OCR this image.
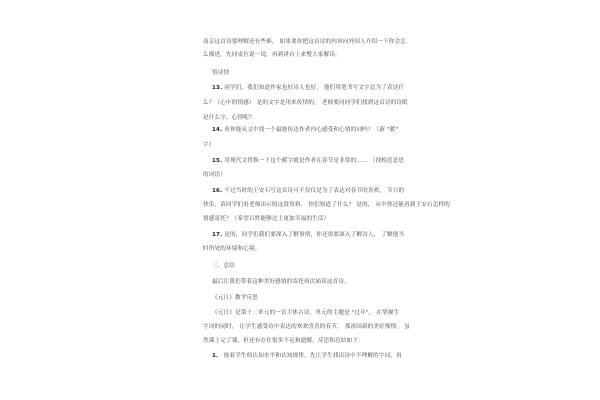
南京这首诗要理解还有些难， 如果要你把这首诗的内容向外国人介绍一下你会怎
么描述。先同桌位说一说，再到讲台上来整大家解读。
悟诗情
13. 同学们，我们知道作家也好诗人也好， 他们用笔书写文字总为了表达什
么？（心中的情感） 是的文字是用来传情的， 老师要同同学们找到这首诗的诗眼
是什么字，心情呢？
14. 看你能从文中找一个最能传达作者内心感受和心情的词吗？（新 "暖"
字）
15. 用现代文替换一下这个暖字就是作者在春节是非常的…… （找相近意思
的词语）
16. 不过当时的王安石写这首诗可不仅仅是为了表达对春节的喜欢， 节日的
快乐，请同学们看老师出示的这段资料， 你们知道了什么？ 是的， 从中你还能看到王安石怎样的
情感寄托？（希望百姓能够过上更加幸福的生活）
17. 是的，同学们我们要深入了解事情，你还需要深入了解诗人， 了解他当
时所处的环境和心境。
三、总结
最后让我们带着这种美好感情的寄托再次诵读这首诗。
《元日》教学反思
《元日》是第十二单元的一首主体古诗，单元的主题是 "过年"， 在掌握生
字词的同时， 让学生感受诗中表达的欢欢喜喜的春节， 那祖国新的美好憧憬。 虽
然课上完了课，但还有存在很多不足和遗憾，反思和总结如下：
1、 按着学生的认知水平和认知规律，先让学生找出诗中不理解的字词，再
